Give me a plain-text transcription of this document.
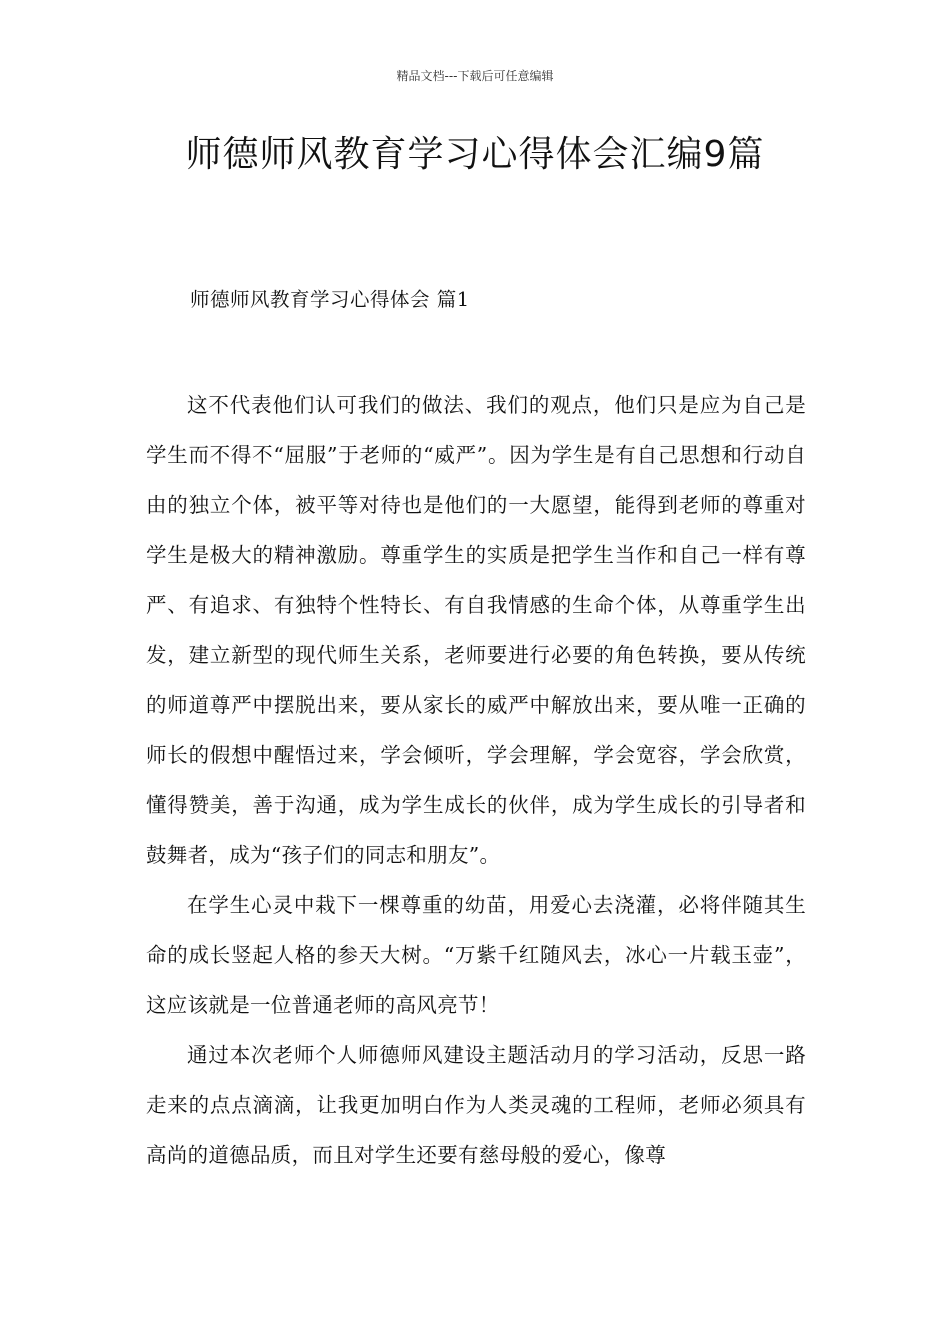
精品文档---下载后可任意编辑
师德师风教育学习心得体会汇编9篇
师德师风教育学习心得体会 篇1

这不代表他们认可我们的做法、我们的观点，他们只是应为自己是学生而不得不“屈服”于老师的“威严”。因为学生是有自己思想和行动自由的独立个体，被平等对待也是他们的一大愿望，能得到老师的尊重对学生是极大的精神激励。尊重学生的实质是把学生当作和自己一样有尊严、有追求、有独特个性特长、有自我情感的生命个体，从尊重学生出发，建立新型的现代师生关系，老师要进行必要的角色转换，要从传统的师道尊严中摆脱出来，要从家长的威严中解放出来，要从唯一正确的师长的假想中醒悟过来，学会倾听，学会理解，学会宽容，学会欣赏，懂得赞美，善于沟通，成为学生成长的伙伴，成为学生成长的引导者和鼓舞者，成为“孩子们的同志和朋友”。

在学生心灵中栽下一棵尊重的幼苗，用爱心去浇灌，必将伴随其生命的成长竖起人格的参天大树。“万紫千红随风去，冰心一片载玉壶”，这应该就是一位普通老师的高风亮节！

通过本次老师个人师德师风建设主题活动月的学习活动，反思一路走来的点点滴滴，让我更加明白作为人类灵魂的工程师，老师必须具有高尚的道德品质，而且对学生还要有慈母般的爱心，像尊
